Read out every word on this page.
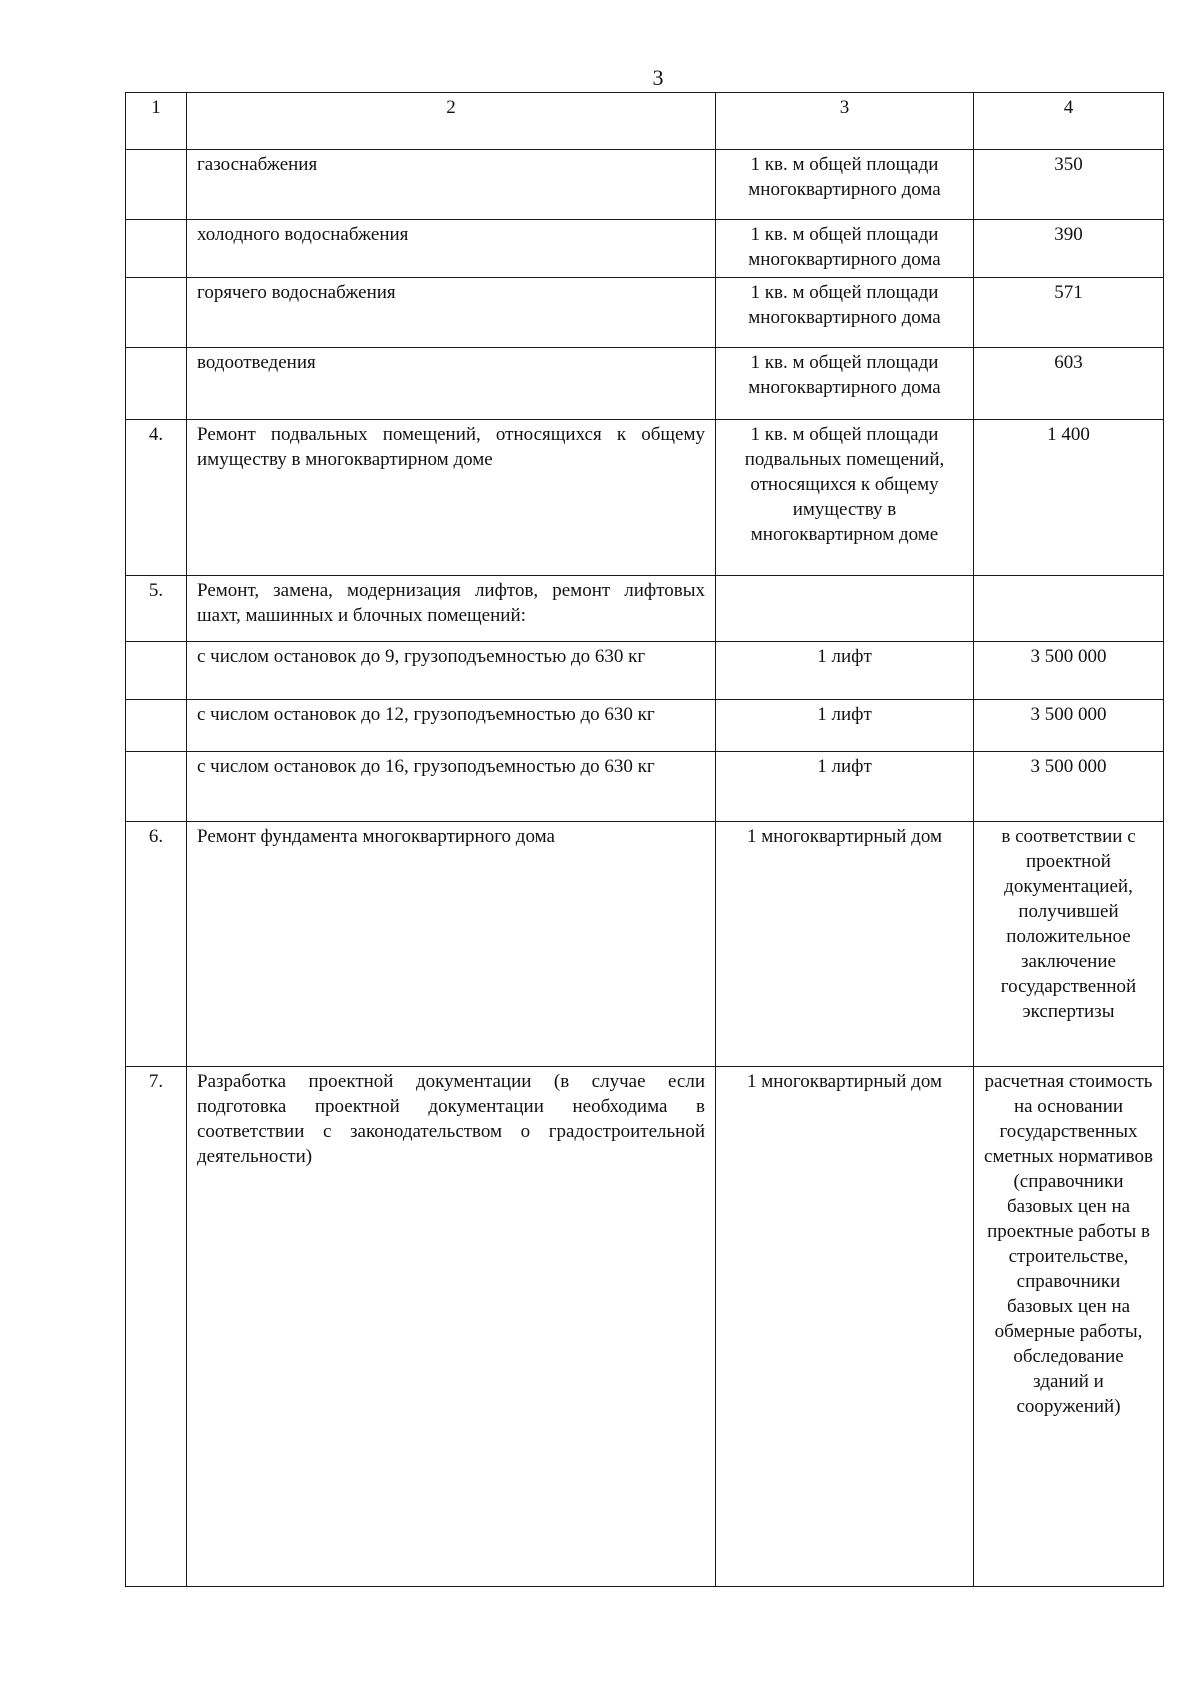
3
1	2	3	4
	газоснабжения	1 кв. м общей площади многоквартирного дома	350
	холодного водоснабжения	1 кв. м общей площади многоквартирного дома	390
	горячего водоснабжения	1 кв. м общей площади многоквартирного дома	571
	водоотведения	1 кв. м общей площади многоквартирного дома	603
4.	Ремонт подвальных помещений, относящихся к общему имуществу в многоквартирном доме	1 кв. м общей площади подвальных помещений, относящихся к общему имуществу в многоквартирном доме	1 400
5.	Ремонт, замена, модернизация лифтов, ремонт лифтовых шахт, машинных и блочных помещений:		
	с числом остановок до 9, грузоподъемностью до 630 кг	1 лифт	3 500 000
	с числом остановок до 12, грузоподъемностью до 630 кг	1 лифт	3 500 000
	с числом остановок до 16, грузоподъемностью до 630 кг	1 лифт	3 500 000
6.	Ремонт фундамента многоквартирного дома	1 многоквартирный дом	в соответствии с проектной документацией, получившей положительное заключение государственной экспертизы
7.	Разработка проектной документации (в случае если подготовка проектной документации необходима в соответствии с законодательством о градостроительной деятельности)	1 многоквартирный дом	расчетная стоимость на основании государственных сметных нормативов (справочники базовых цен на проектные работы в строительстве, справочники базовых цен на обмерные работы, обследование зданий и сооружений)
